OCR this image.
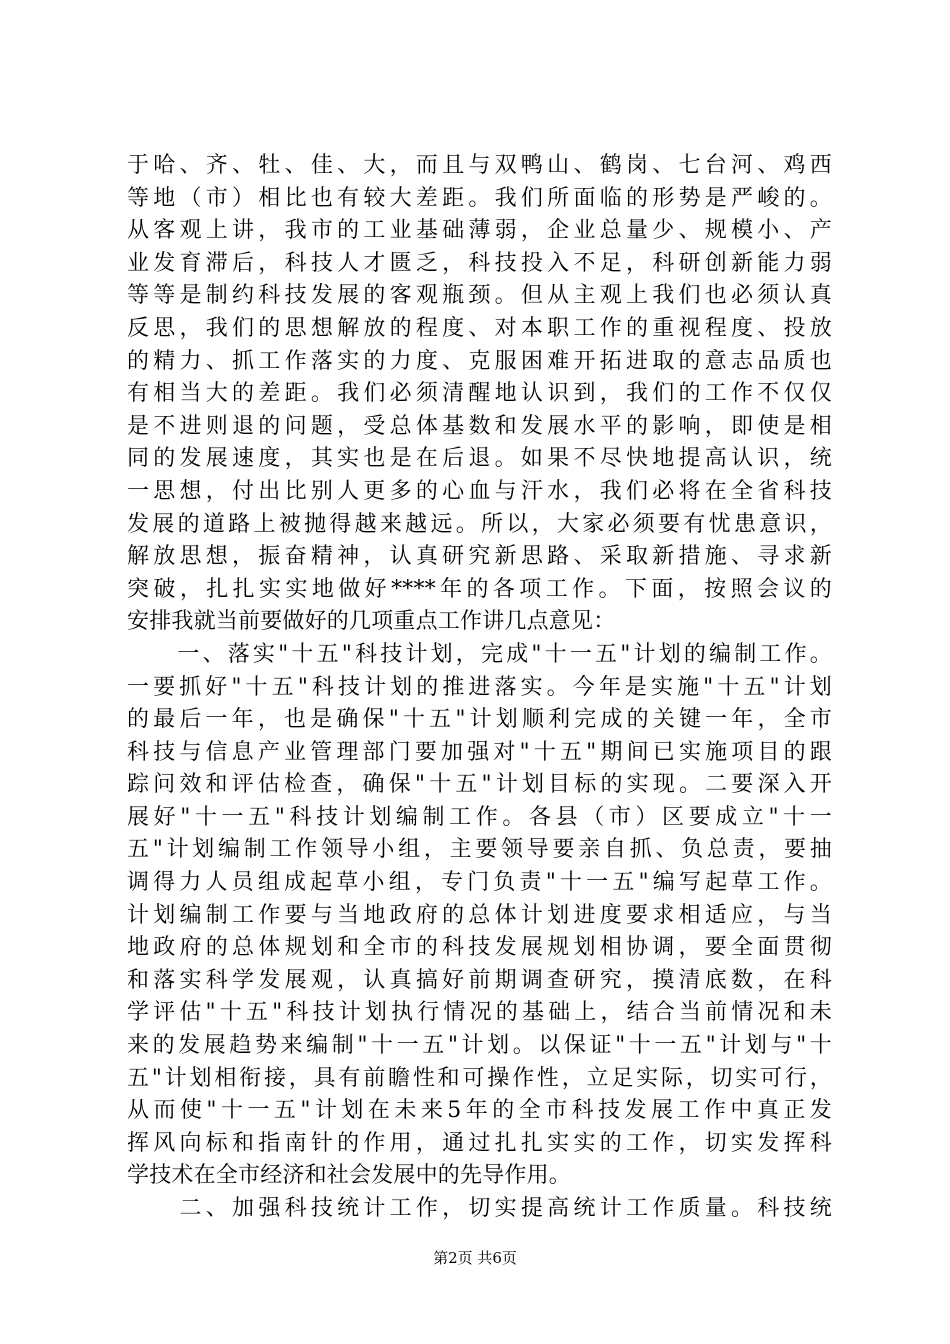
于哈、齐、牡、佳、大，而且与双鸭山、鹤岗、七台河、鸡西
等地（市）相比也有较大差距。我们所面临的形势是严峻的。
从客观上讲，我市的工业基础薄弱，企业总量少、规模小、产
业发育滞后，科技人才匮乏，科技投入不足，科研创新能力弱
等等是制约科技发展的客观瓶颈。但从主观上我们也必须认真
反思，我们的思想解放的程度、对本职工作的重视程度、投放
的精力、抓工作落实的力度、克服困难开拓进取的意志品质也
有相当大的差距。我们必须清醒地认识到，我们的工作不仅仅
是不进则退的问题，受总体基数和发展水平的影响，即使是相
同的发展速度，其实也是在后退。如果不尽快地提高认识，统
一思想，付出比别人更多的心血与汗水，我们必将在全省科技
发展的道路上被抛得越来越远。所以，大家必须要有忧患意识，
解放思想，振奋精神，认真研究新思路、采取新措施、寻求新
突破，扎扎实实地做好****年的各项工作。下面，按照会议的
安排我就当前要做好的几项重点工作讲几点意见：
　　一、落实"十五"科技计划，完成"十一五"计划的编制工作。
一要抓好"十五"科技计划的推进落实。今年是实施"十五"计划
的最后一年，也是确保"十五"计划顺利完成的关键一年，全市
科技与信息产业管理部门要加强对"十五"期间已实施项目的跟
踪问效和评估检查，确保"十五"计划目标的实现。二要深入开
展好"十一五"科技计划编制工作。各县（市）区要成立"十一
五"计划编制工作领导小组，主要领导要亲自抓、负总责，要抽
调得力人员组成起草小组，专门负责"十一五"编写起草工作。
计划编制工作要与当地政府的总体计划进度要求相适应，与当
地政府的总体规划和全市的科技发展规划相协调，要全面贯彻
和落实科学发展观，认真搞好前期调查研究，摸清底数，在科
学评估"十五"科技计划执行情况的基础上，结合当前情况和未
来的发展趋势来编制"十一五"计划。以保证"十一五"计划与"十
五"计划相衔接，具有前瞻性和可操作性，立足实际，切实可行，
从而使"十一五"计划在未来5年的全市科技发展工作中真正发
挥风向标和指南针的作用，通过扎扎实实的工作，切实发挥科
学技术在全市经济和社会发展中的先导作用。
　　二、加强科技统计工作，切实提高统计工作质量。科技统
第2页 共6页
